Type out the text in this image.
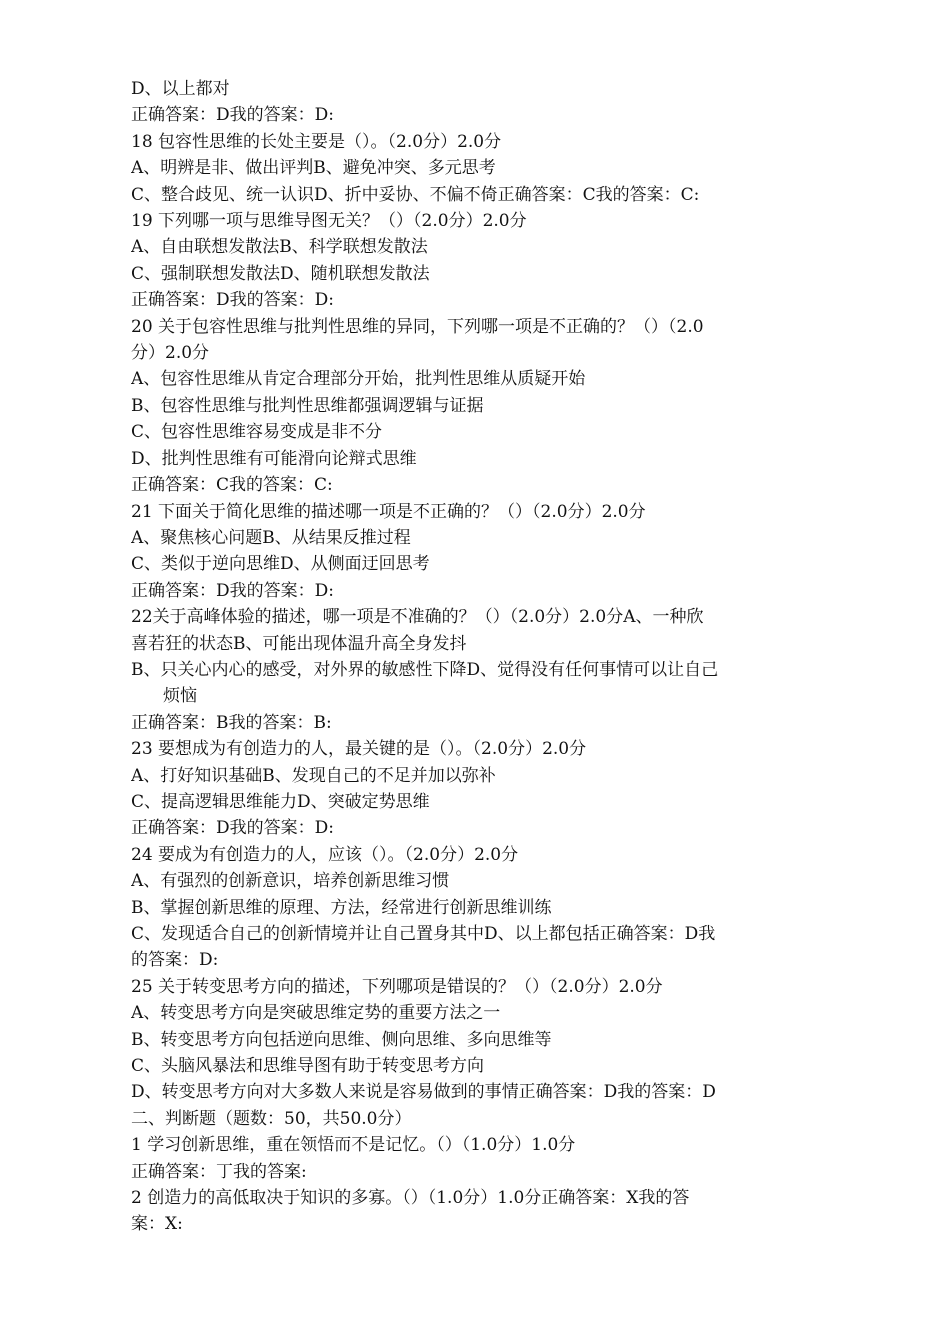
D、以上都对
正确答案：D我的答案：D:
18 包容性思维的长处主要是（）。（2.0分）2.0分
A、明辨是非、做出评判B、避免冲突、多元思考
C、整合歧见、统一认识D、折中妥协、不偏不倚正确答案：C我的答案：C:
19 下列哪一项与思维导图无关？（）（2.0分）2.0分
A、自由联想发散法B、科学联想发散法
C、强制联想发散法D、随机联想发散法
正确答案：D我的答案：D:
20 关于包容性思维与批判性思维的异同，下列哪一项是不正确的？（）（2.0
分）2.0分
A、包容性思维从肯定合理部分开始，批判性思维从质疑开始
B、包容性思维与批判性思维都强调逻辑与证据
C、包容性思维容易变成是非不分
D、批判性思维有可能滑向论辩式思维
正确答案：C我的答案：C:
21 下面关于简化思维的描述哪一项是不正确的？（）（2.0分）2.0分
A、聚焦核心问题B、从结果反推过程
C、类似于逆向思维D、从侧面迂回思考
正确答案：D我的答案：D:
22关于高峰体验的描述，哪一项是不准确的？（）（2.0分）2.0分A、一种欣
喜若狂的状态B、可能出现体温升高全身发抖
B、只关心内心的感受，对外界的敏感性下降D、觉得没有任何事情可以让自己
烦恼
正确答案：B我的答案：B:
23 要想成为有创造力的人，最关键的是（）。（2.0分）2.0分
A、打好知识基础B、发现自己的不足并加以弥补
C、提高逻辑思维能力D、突破定势思维
正确答案：D我的答案：D:
24 要成为有创造力的人，应该（）。（2.0分）2.0分
A、有强烈的创新意识，培养创新思维习惯
B、掌握创新思维的原理、方法，经常进行创新思维训练
C、发现适合自己的创新情境并让自己置身其中D、以上都包括正确答案：D我
的答案：D:
25 关于转变思考方向的描述，下列哪项是错误的？（）（2.0分）2.0分
A、转变思考方向是突破思维定势的重要方法之一
B、转变思考方向包括逆向思维、侧向思维、多向思维等
C、头脑风暴法和思维导图有助于转变思考方向
D、转变思考方向对大多数人来说是容易做到的事情正确答案：D我的答案：D
二、判断题（题数：50，共50.0分）
1 学习创新思维，重在领悟而不是记忆。（）（1.0分）1.0分
正确答案：丁我的答案:
2 创造力的高低取决于知识的多寡。（）（1.0分）1.0分正确答案：X我的答
案：X:
